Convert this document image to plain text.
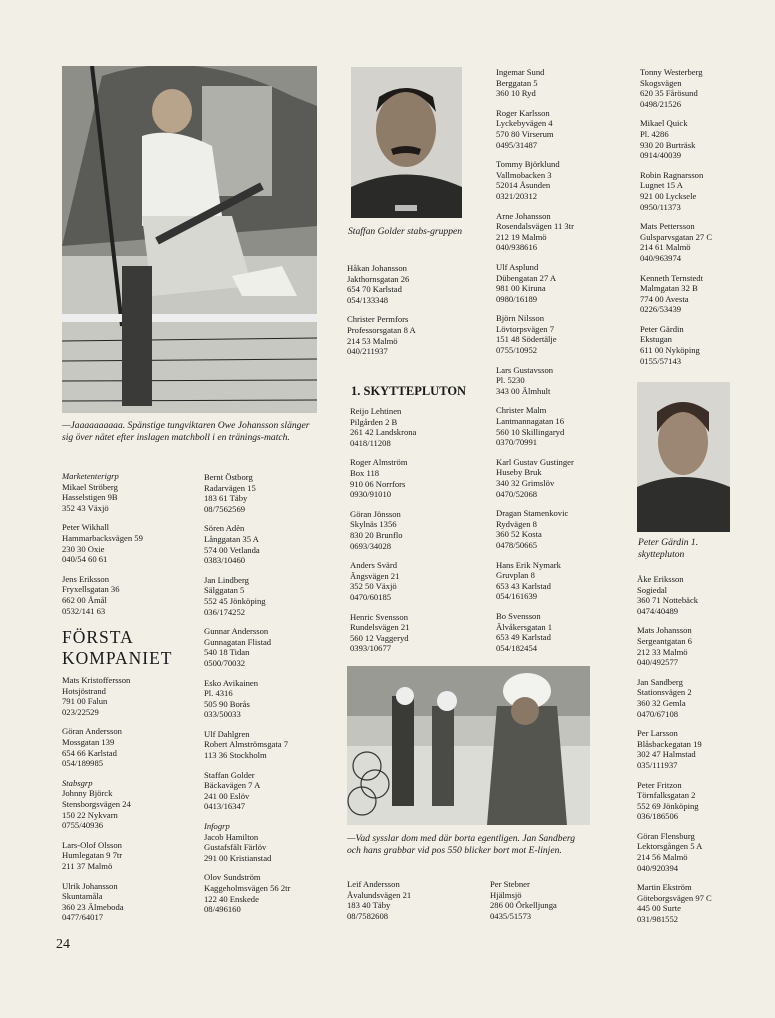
—Jaaaaaaaaaa. Spänstige tungviktaren Owe Johansson slänger sig över nätet efter inslagen matchboll i en tränings-match.
Marketenterigrp
Mikael Ströberg
Hasselstigen 9B
352 43 Växjö
Peter Wikhall
Hammarbacksvägen 59
230 30 Oxie
040/54 60 61
Jens Eriksson
Fryxellsgatan 36
662 00 Åmål
0532/141 63
FÖRSTA
KOMPANIET
Mats Kristoffersson
Hotsjöstrand
791 00 Falun
023/22529
Göran Andersson
Mossgatan 139
654 66 Karlstad
054/189985
Stabsgrp
Johnny Björck
Stensborgsvägen 24
150 22 Nykvarn
0755/40936
Lars-Olof Olsson
Humlegatan 9 7tr
211 37 Malmö
Ulrik Johansson
Skuntamåla
360 23 Älmeboda
0477/64017
Bernt Östborg
Radarvägen 15
183 61 Täby
08/7562569
Sören Adèn
Långgatan 35 A
574 00 Vetlanda
0383/10460
Jan Lindberg
Sälggatan 5
552 45 Jönköping
036/174252
Gunnar Andersson
Gunnagatan Flistad
540 18 Tidan
0500/70032
Esko Avikainen
Pl. 4316
505 90 Borås
033/50033
Ulf Dahlgren
Robert Almströmsgata 7
113 36 Stockholm
Staffan Golder
Bäckavägen 7 A
241 00 Eslöv
0413/16347
Infogrp
Jacob Hamilton
Gustafsfält Färlöv
291 00 Kristianstad
Olov Sundström
Kaggeholmsvägen 56 2tr
122 40 Enskede
08/496160
Staffan Golder stabs-gruppen
Håkan Johansson
Jakthornsgatan 26
654 70 Karlstad
054/133348
Christer Permfors
Professorsgatan 8 A
214 53 Malmö
040/211937
1. SKYTTEPLUTON
Reijo Lehtinen
Pilgården 2 B
261 42 Landskrona
0418/11208
Roger Almström
Box 118
910 06 Norrfors
0930/91010
Göran Jönsson
Skylnäs 1356
830 20 Brunflo
0693/34028
Anders Svärd
Ängsvägen 21
352 50 Växjö
0470/60185
Henric Svensson
Rundelsvägen 21
560 12 Vaggeryd
0393/10677
Ingemar Sund
Berggatan 5
360 10 Ryd
Roger Karlsson
Lyckebyvägen 4
570 80 Virserum
0495/31487
Tommy Björklund
Vallmobacken 3
52014 Åsunden
0321/20312
Arne Johansson
Rosendalsvägen 11 3tr
212 19 Malmö
040/938616
Ulf Asplund
Dübengatan 27 A
981 00 Kiruna
0980/16189
Björn Nilsson
Lövtorpsvägen 7
151 48 Södertälje
0755/10952
Lars Gustavsson
Pl. 5230
343 00 Älmhult
Christer Malm
Lantmannagatan 16
560 10 Skillingaryd
0370/70991
Karl Gustav Gustinger
Huseby Bruk
340 32 Grimslöv
0470/52068
Dragan Stamenkovic
Rydvägen 8
360 52 Kosta
0478/50665
Hans Erik Nymark
Gruvplan 8
653 43 Karlstad
054/161639
Bo Svensson
Älvåkersgatan 1
653 49 Karlstad
054/182454
—Vad sysslar dom med där borta egentligen. Jan Sandberg och hans grabbar vid pos 550 blicker bort mot E-linjen.
Leif Andersson
Åvalundsvägen 21
183 40 Täby
08/7582608
Per Stebner
Hjälmsjö
286 00 Örkelljunga
0435/51573
Tonny Westerberg
Skogsvägen
620 35 Fårösund
0498/21526
Mikael Quick
Pl. 4286
930 20 Burträsk
0914/40039
Robin Ragnarsson
Lugnet 15 A
921 00 Lycksele
0950/11373
Mats Pettersson
Gulsparvsgatan 27 C
214 61 Malmö
040/963974
Kenneth Ternstedt
Malmgatan 32 B
774 00 Avesta
0226/53439
Peter Gärdin
Ekstugan
611 00 Nyköping
0155/57143
Peter Gärdin 1. skyttepluton
Åke Eriksson
Sogiedal
360 71 Nottebäck
0474/40489
Mats Johansson
Sergeantgatan 6
212 33 Malmö
040/492577
Jan Sandberg
Stationsvägen 2
360 32 Gemla
0470/67108
Per Larsson
Blåsbackegatan 19
302 47 Halmstad
035/111937
Peter Fritzon
Törnfalksgatan 2
552 69 Jönköping
036/186506
Göran Flensburg
Lektorsgången 5 A
214 56 Malmö
040/920394
Martin Ekström
Göteborgsvägen 97 C
445 00 Surte
031/981552
24
